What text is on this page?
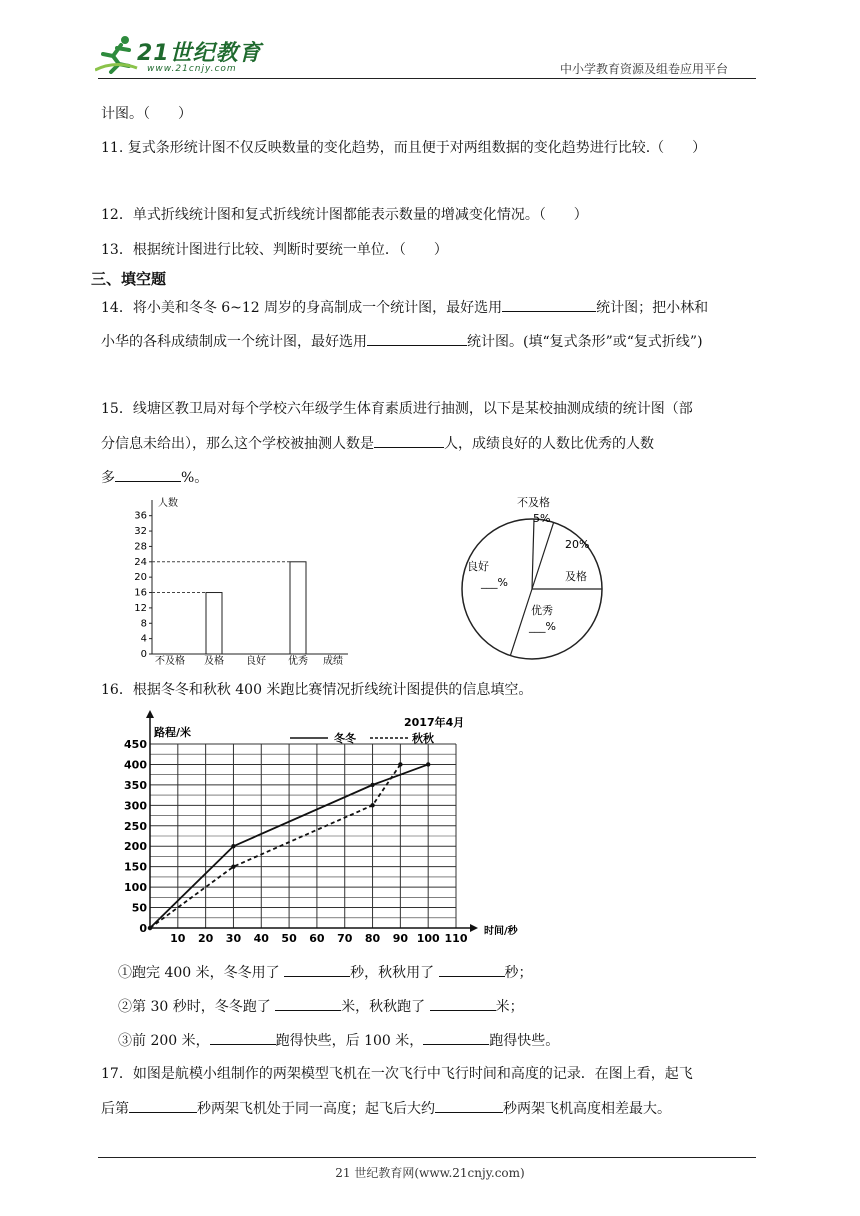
21世纪教育
www.21cnjy.com	中小学教育资源及组卷应用平台
计图。（　　）
11. 复式条形统计图不仅反映数量的变化趋势，而且便于对两组数据的变化趋势进行比较.（　　）
12．单式折线统计图和复式折线统计图都能表示数量的增减变化情况。（　　）
13．根据统计图进行比较、判断时要统一单位．（　　）
三、填空题
14．将小美和冬冬 6~12 周岁的身高制成一个统计图，最好选用	统计图；把小林和
小华的各科成绩制成一个统计图，最好选用	统计图。(填“复式条形”或“复式折线”)
15．线塘区教卫局对每个学校六年级学生体育素质进行抽测，以下是某校抽测成绩的统计图（部
分信息未给出），那么这个学校被抽测人数是	人，成绩良好的人数比优秀的人数
多	%。
人数
成绩
0
4
8
12
16
20
24
28
32
36
不及格 及格 良好 优秀
不及格
5%
20%
及格
优秀
___%
良好
___%
16．根据冬冬和秋秋 400 米跑比赛情况折线统计图提供的信息填空。
路程/米
时间/秒
2017年4月
0
50
100
150
200
250
300
350
400
450
10 20 30 40 50 60 70 80 90 100 110
冬冬	秋秋
①跑完 400 米，冬冬用了	秒，秋秋用了	秒；
②第 30 秒时，冬冬跑了	米，秋秋跑了	米；
③前 200 米，	跑得快些，后 100 米，	跑得快些。
17．如图是航模小组制作的两架模型飞机在一次飞行中飞行时间和高度的记录．在图上看，起飞
后第	秒两架飞机处于同一高度；起飞后大约	秒两架飞机高度相差最大。
21 世纪教育网(www.21cnjy.com)
